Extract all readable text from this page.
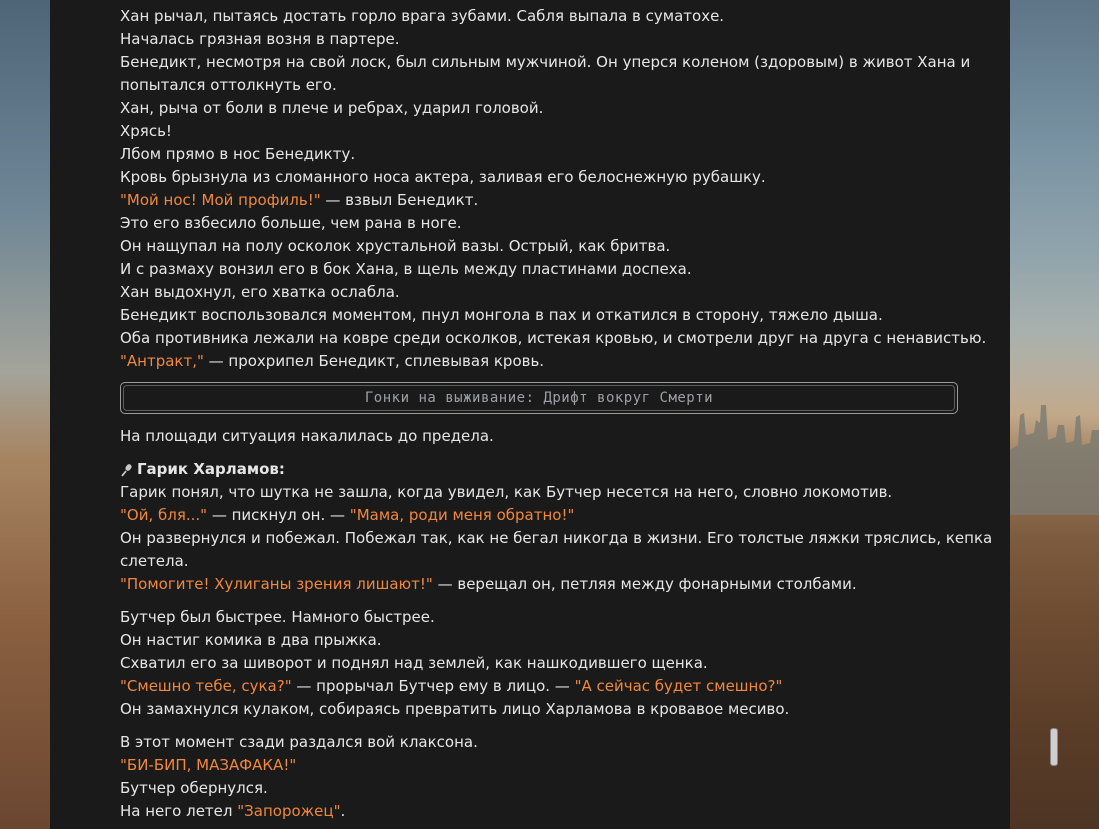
Хан рычал, пытаясь достать горло врага зубами. Сабля выпала в суматохе.
Началась грязная возня в партере.
Бенедикт, несмотря на свой лоск, был сильным мужчиной. Он уперся коленом (здоровым) в живот Хана и
попытался оттолкнуть его.
Хан, рыча от боли в плече и ребрах, ударил головой.
Хрясь!
Лбом прямо в нос Бенедикту.
Кровь брызнула из сломанного носа актера, заливая его белоснежную рубашку.
"Мой нос! Мой профиль!" — взвыл Бенедикт.
Это его взбесило больше, чем рана в ноге.
Он нащупал на полу осколок хрустальной вазы. Острый, как бритва.
И с размаху вонзил его в бок Хана, в щель между пластинами доспеха.
Хан выдохнул, его хватка ослабла.
Бенедикт воспользовался моментом, пнул монгола в пах и откатился в сторону, тяжело дыша.
Оба противника лежали на ковре среди осколков, истекая кровью, и смотрели друг на друга с ненавистью.
"Антракт," — прохрипел Бенедикт, сплевывая кровь.
На площади ситуация накалилась до предела.
Гарик Харламов:
Гарик понял, что шутка не зашла, когда увидел, как Бутчер несется на него, словно локомотив.
"Ой, бля..." — пискнул он. — "Мама, роди меня обратно!"
Он развернулся и побежал. Побежал так, как не бегал никогда в жизни. Его толстые ляжки тряслись, кепка
слетела.
"Помогите! Хулиганы зрения лишают!" — верещал он, петляя между фонарными столбами.
Бутчер был быстрее. Намного быстрее.
Он настиг комика в два прыжка.
Схватил его за шиворот и поднял над землей, как нашкодившего щенка.
"Смешно тебе, сука?" — прорычал Бутчер ему в лицо. — "А сейчас будет смешно?"
Он замахнулся кулаком, собираясь превратить лицо Харламова в кровавое месиво.
В этот момент сзади раздался вой клаксона.
"БИ-БИП, МАЗАФАКА!"
Бутчер обернулся.
На него летел "Запорожец".
Гонки на выживание: Дрифт вокруг Смерти
